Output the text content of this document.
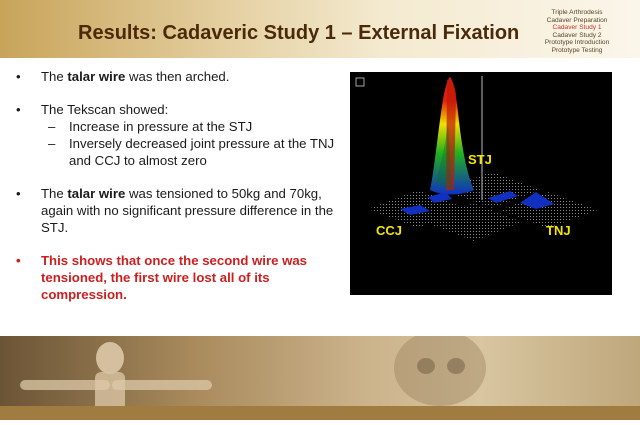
Results: Cadaveric Study 1 – External Fixation
Triple Arthrodesis
Cadaver Preparation
Cadaver Study 1
Cadaver Study 2
Prototype Introduction
Prototype Testing
• The talar wire was then arched.
• The Tekscan showed:
– Increase in pressure at the STJ
– Inversely decreased joint pressure at the TNJ and CCJ to almost zero
• The talar wire was tensioned to 50kg and 70kg, again with no significant pressure difference in the STJ.
• This shows that once the second wire was tensioned, the first wire lost all of its compression.
STJ
CCJ	TNJ
